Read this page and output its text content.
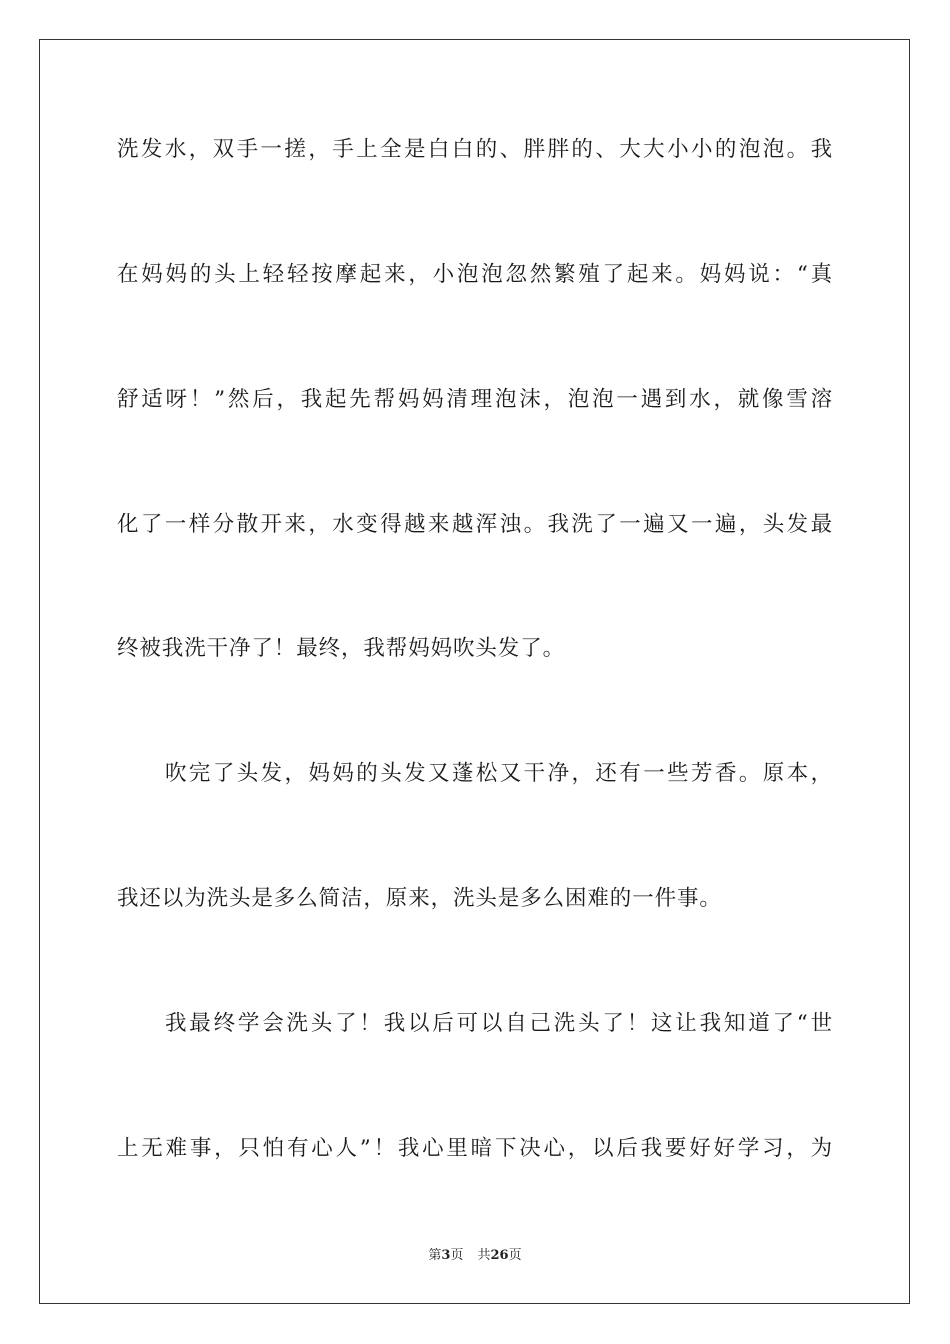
洗发水，双手一搓，手上全是白白的、胖胖的、大大小小的泡泡。我
在妈妈的头上轻轻按摩起来，小泡泡忽然繁殖了起来。妈妈说：“真
舒适呀！”然后，我起先帮妈妈清理泡沫，泡泡一遇到水，就像雪溶
化了一样分散开来，水变得越来越浑浊。我洗了一遍又一遍，头发最
终被我洗干净了！最终，我帮妈妈吹头发了。
吹完了头发，妈妈的头发又蓬松又干净，还有一些芳香。原本，
我还以为洗头是多么简洁，原来，洗头是多么困难的一件事。
我最终学会洗头了！我以后可以自己洗头了！这让我知道了“世
上无难事，只怕有心人”！我心里暗下决心，以后我要好好学习，为
第3页 共26页
